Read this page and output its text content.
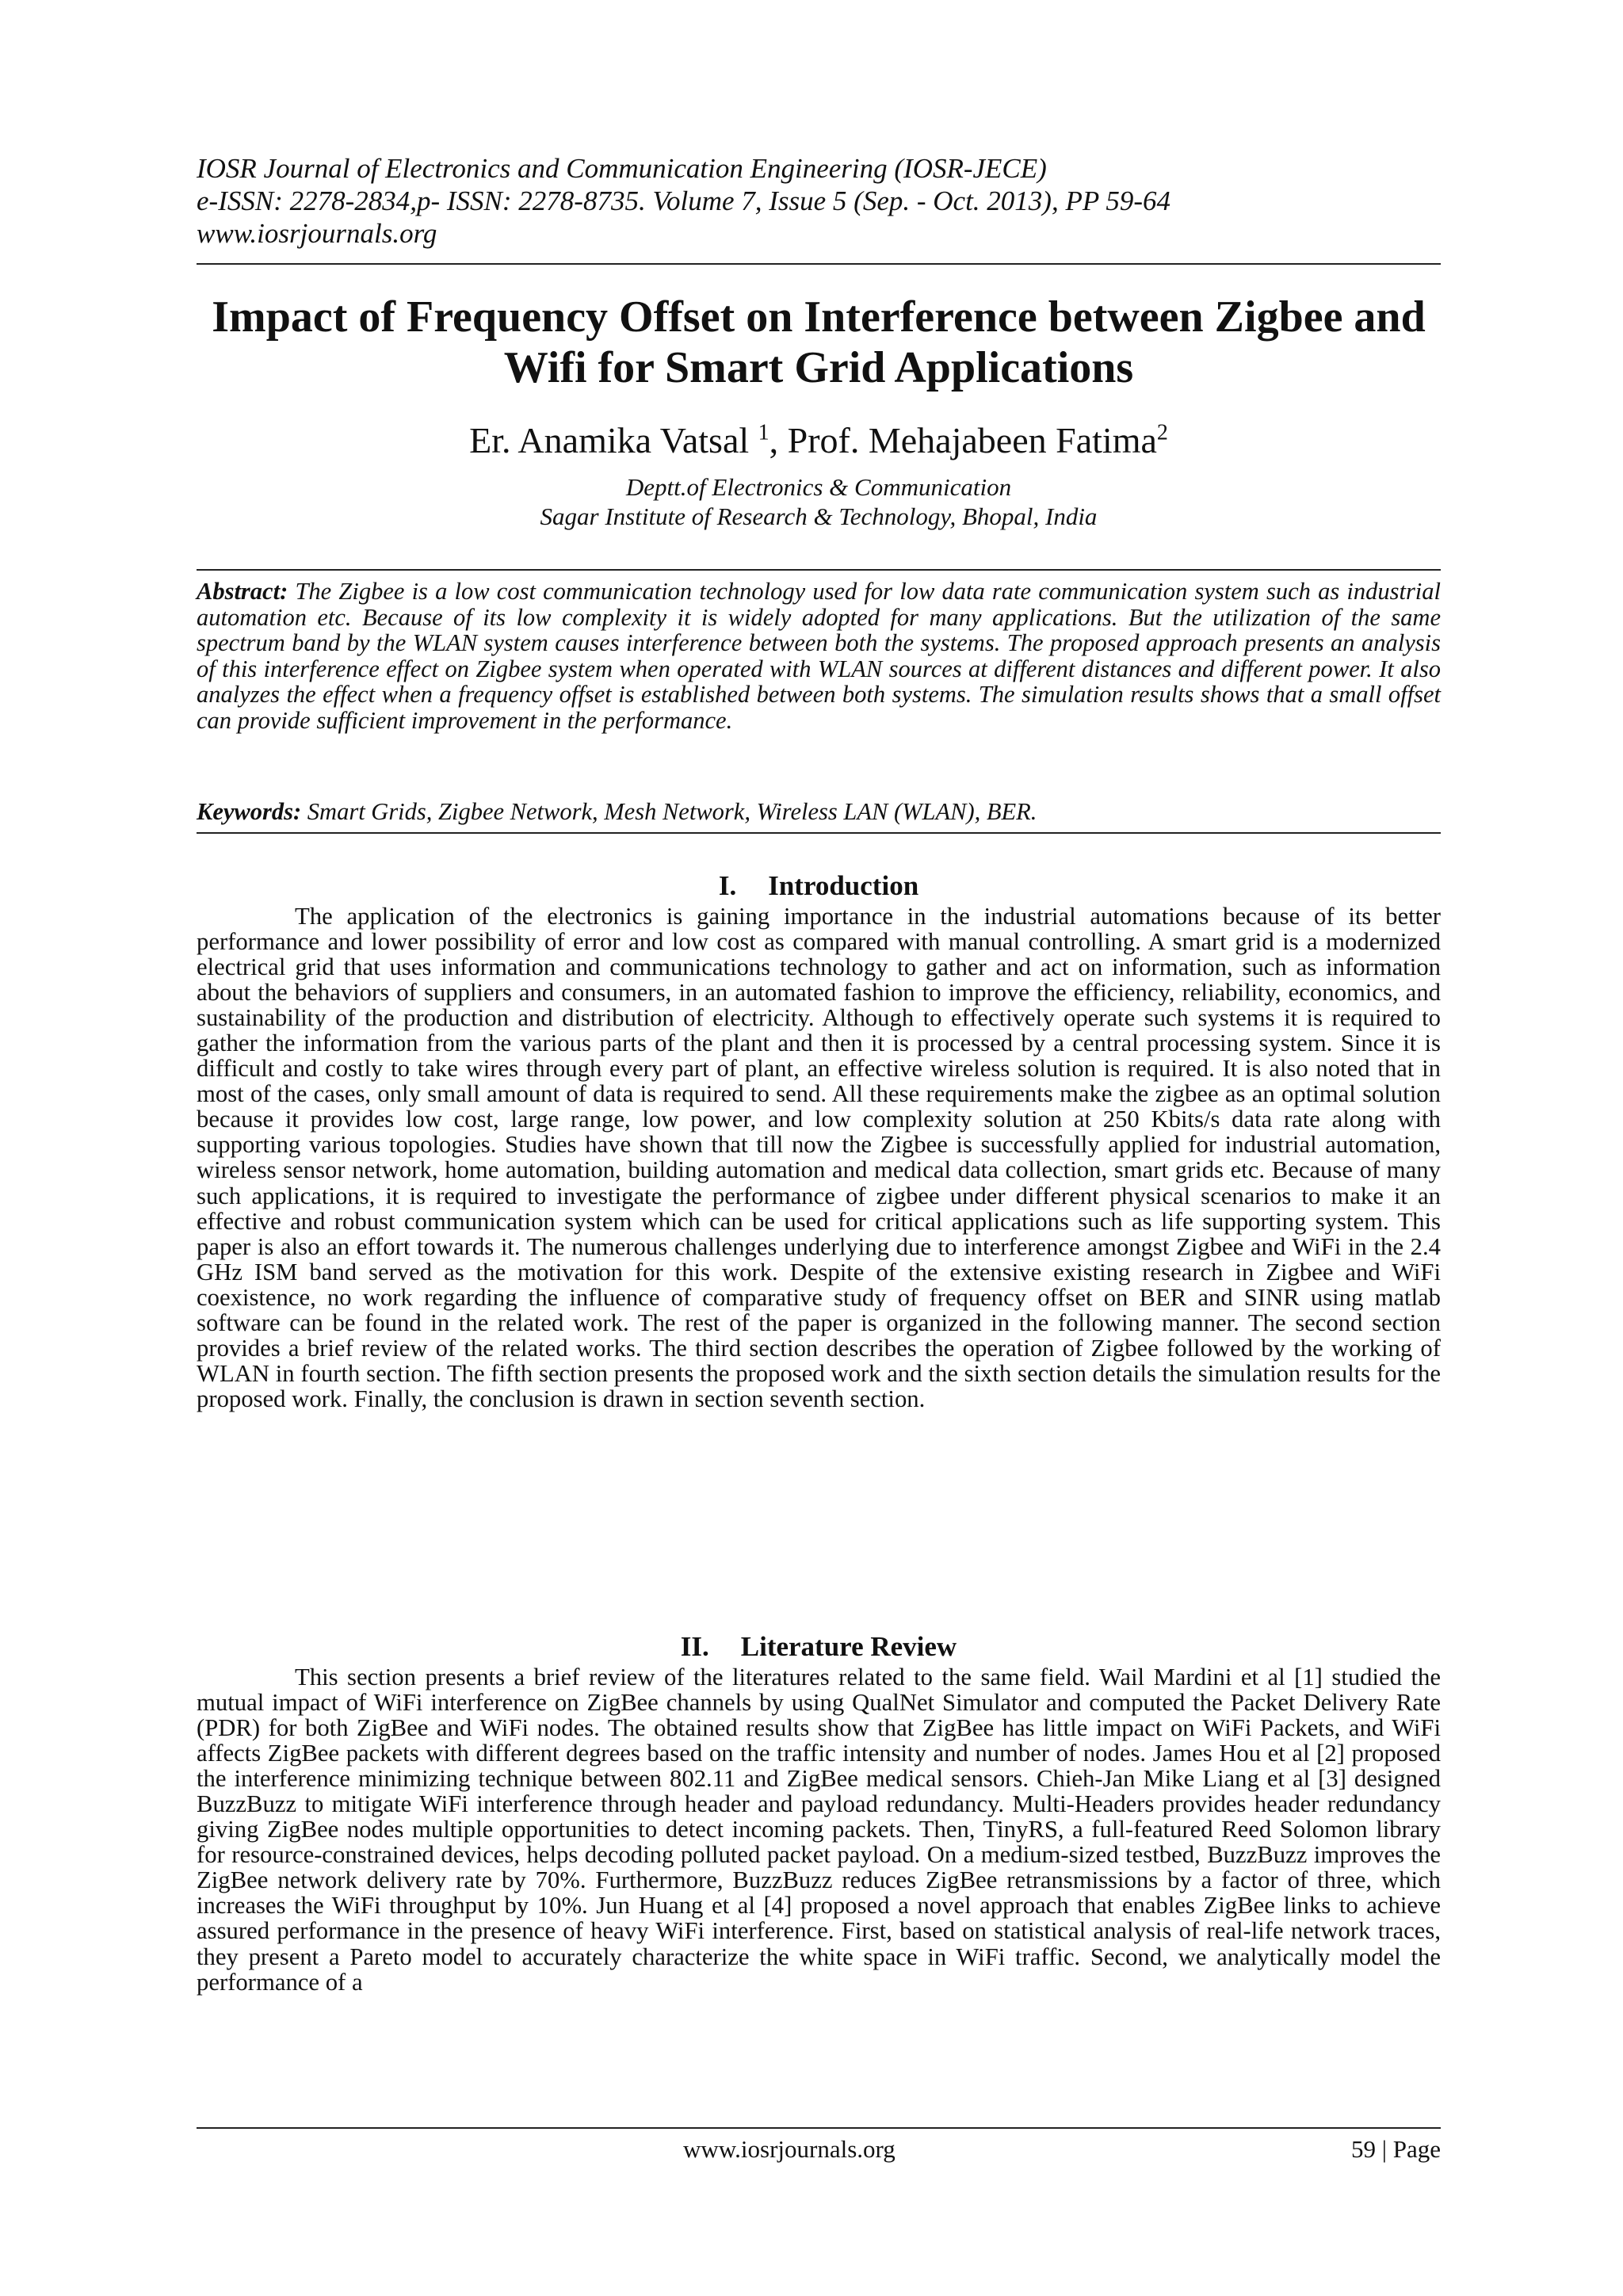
IOSR Journal of Electronics and Communication Engineering (IOSR-JECE)
e-ISSN: 2278-2834,p- ISSN: 2278-8735. Volume 7, Issue 5 (Sep. - Oct. 2013), PP 59-64
www.iosrjournals.org
Impact of Frequency Offset on Interference between Zigbee and
Wifi for Smart Grid Applications
Er. Anamika Vatsal $^1$, Prof. Mehajabeen Fatima$^2$
Deptt.of Electronics & Communication
Sagar Institute of Research & Technology, Bhopal, India
Abstract: The Zigbee is a low cost communication technology used for low data rate communication system such as industrial automation etc. Because of its low complexity it is widely adopted for many applications. But the utilization of the same spectrum band by the WLAN system causes interference between both the systems. The proposed approach presents an analysis of this interference effect on Zigbee system when operated with WLAN sources at different distances and different power. It also analyzes the effect when a frequency offset is established between both systems. The simulation results shows that a small offset can provide sufficient improvement in the performance.
Keywords: Smart Grids, Zigbee Network, Mesh Network, Wireless LAN (WLAN), BER.
I. Introduction

The application of the electronics is gaining importance in the industrial automations because of its better performance and lower possibility of error and low cost as compared with manual controlling. A smart grid is a modernized electrical grid that uses information and communications technology to gather and act on information, such as information about the behaviors of suppliers and consumers, in an automated fashion to improve the efficiency, reliability, economics, and sustainability of the production and distribution of electricity. Although to effectively operate such systems it is required to gather the information from the various parts of the plant and then it is processed by a central processing system. Since it is difficult and costly to take wires through every part of plant, an effective wireless solution is required. It is also noted that in most of the cases, only small amount of data is required to send. All these requirements make the zigbee as an optimal solution because it provides low cost, large range, low power, and low complexity solution at 250 Kbits/s data rate along with supporting various topologies. Studies have shown that till now the Zigbee is successfully applied for industrial automation, wireless sensor network, home automation, building automation and medical data collection, smart grids etc. Because of many such applications, it is required to investigate the performance of zigbee under different physical scenarios to make it an effective and robust communication system which can be used for critical applications such as life supporting system. This paper is also an effort towards it. The numerous challenges underlying due to interference amongst Zigbee and WiFi in the 2.4 GHz ISM band served as the motivation for this work. Despite of the extensive existing research in Zigbee and WiFi coexistence, no work regarding the influence of comparative study of frequency offset on BER and SINR using matlab software can be found in the related work. The rest of the paper is organized in the following manner. The second section provides a brief review of the related works. The third section describes the operation of Zigbee followed by the working of WLAN in fourth section. The fifth section presents the proposed work and the sixth section details the simulation results for the proposed work. Finally, the conclusion is drawn in section seventh section.

II. Literature Review

This section presents a brief review of the literatures related to the same field. Wail Mardini et al [1] studied the mutual impact of WiFi interference on ZigBee channels by using QualNet Simulator and computed the Packet Delivery Rate (PDR) for both ZigBee and WiFi nodes. The obtained results show that ZigBee has little impact on WiFi Packets, and WiFi affects ZigBee packets with different degrees based on the traffic intensity and number of nodes. James Hou et al [2] proposed the interference minimizing technique between 802.11 and ZigBee medical sensors. Chieh-Jan Mike Liang et al [3] designed BuzzBuzz to mitigate WiFi interference through header and payload redundancy. Multi-Headers provides header redundancy giving ZigBee nodes multiple opportunities to detect incoming packets. Then, TinyRS, a full-featured Reed Solomon library for resource-constrained devices, helps decoding polluted packet payload. On a medium-sized testbed, BuzzBuzz improves the ZigBee network delivery rate by 70%. Furthermore, BuzzBuzz reduces ZigBee retransmissions by a factor of three, which increases the WiFi throughput by 10%. Jun Huang et al [4] proposed a novel approach that enables ZigBee links to achieve assured performance in the presence of heavy WiFi interference. First, based on statistical analysis of real-life network traces, they present a Pareto model to accurately characterize the white space in WiFi traffic. Second, we analytically model the performance of a

www.iosrjournals.org	59 | Page
